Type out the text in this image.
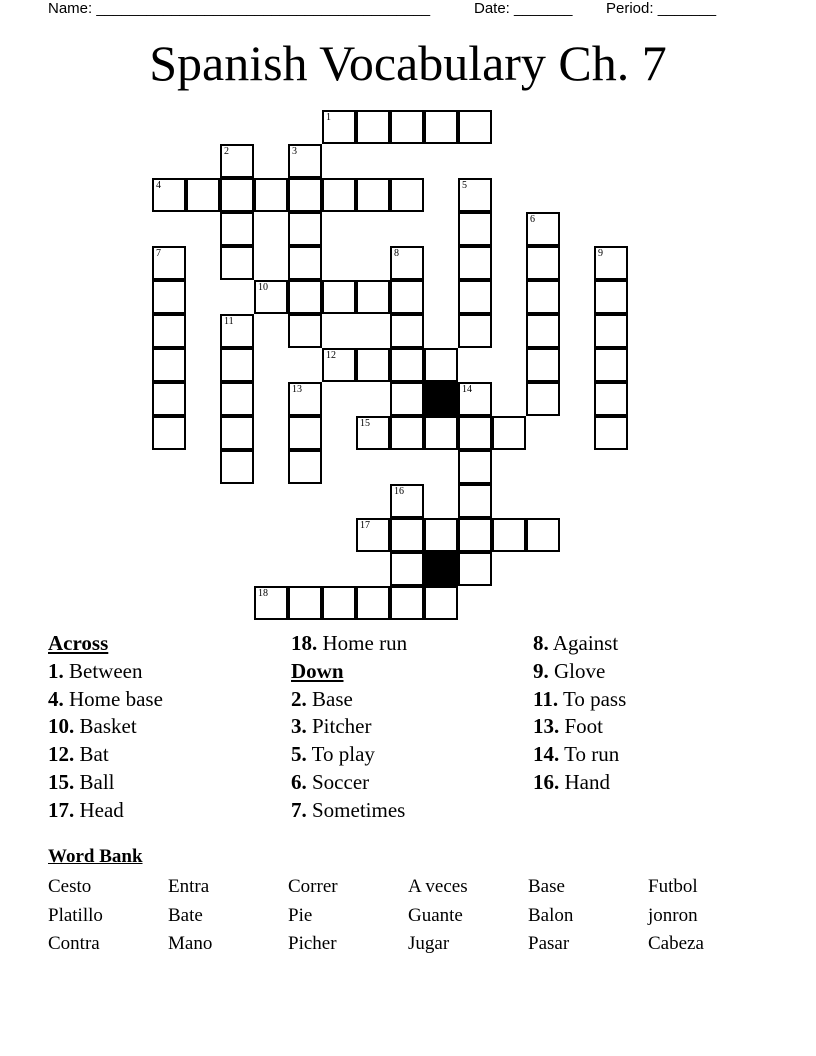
Name: ________________________________________	Date: _______ Period: _______
Spanish Vocabulary Ch. 7
1
2	3
4	5
6
7	8	9
10
11
12
13	14
15
16
17
18
Across
1. Between
4. Home base
10. Basket
12. Bat
15. Ball
17. Head
18. Home run
Down
2. Base
3. Pitcher
5. To play
6. Soccer
7. Sometimes
8. Against
9. Glove
11. To pass
13. Foot
14. To run
16. Hand
Word Bank
Cesto	Entra	Correr	A veces	Base	Futbol
Platillo	Bate	Pie	Guante	Balon	jonron
Contra	Mano	Picher	Jugar	Pasar	Cabeza
